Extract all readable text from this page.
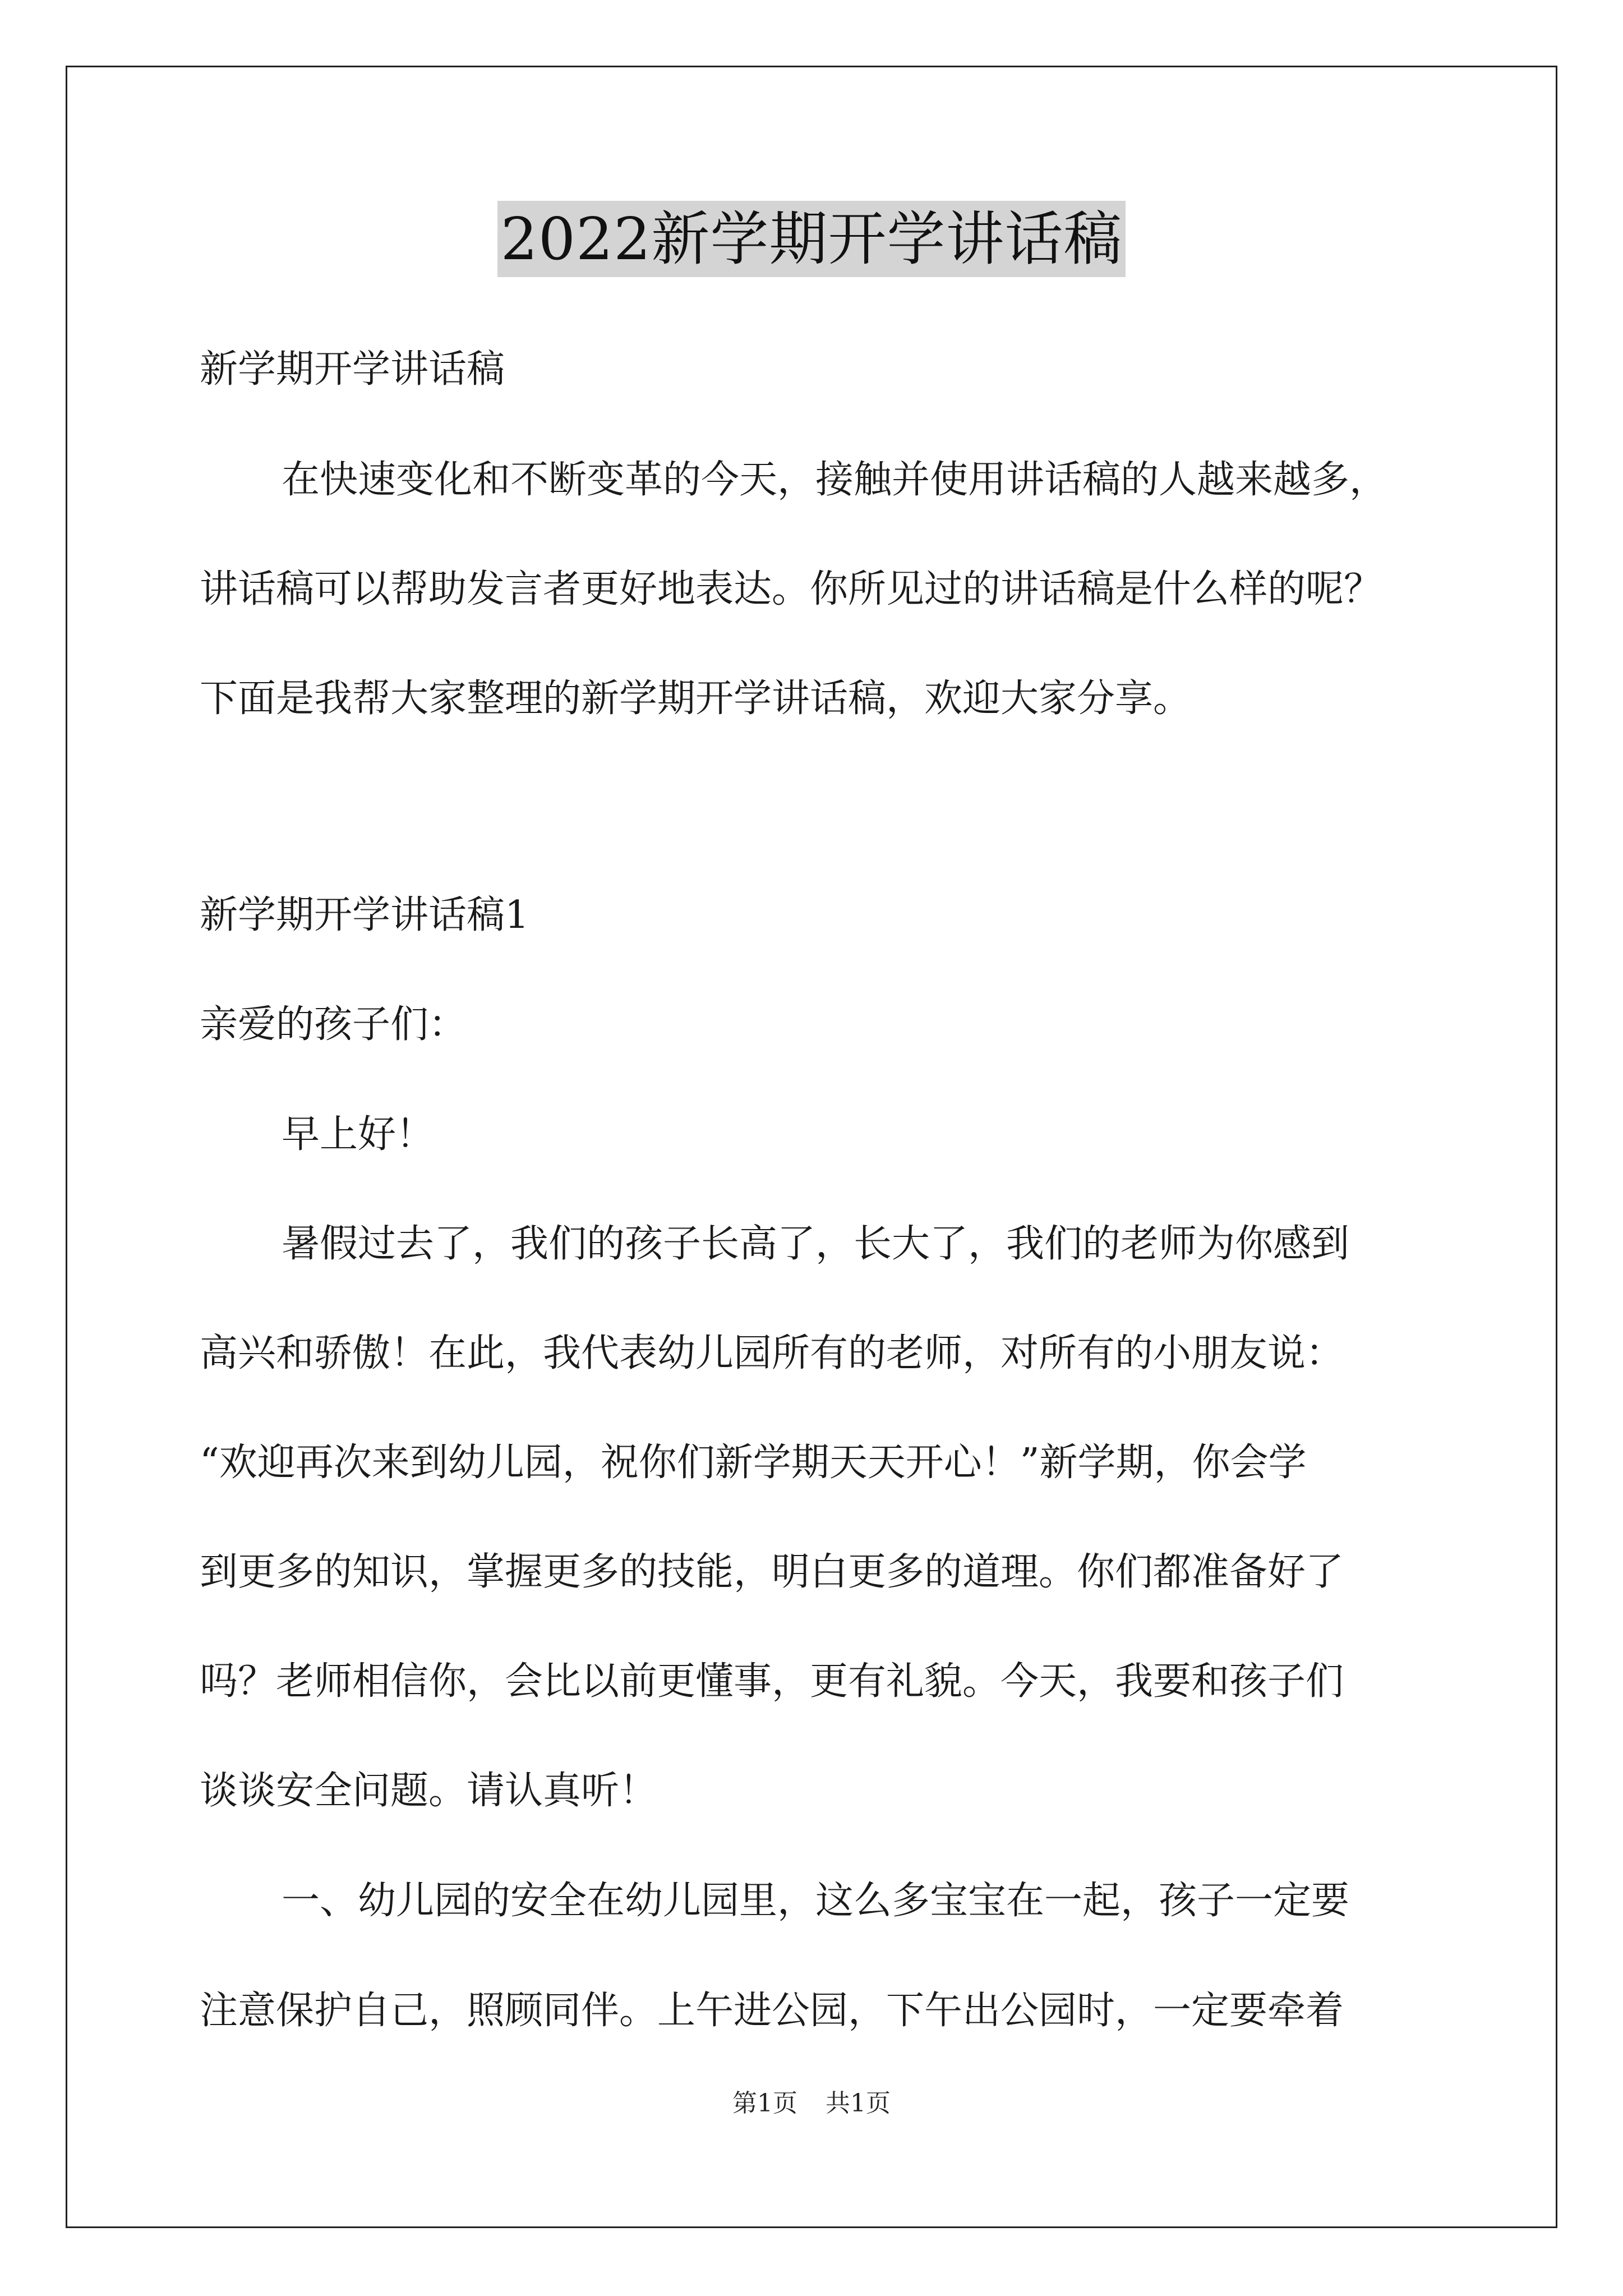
2022新学期开学讲话稿
新学期开学讲话稿
在快速变化和不断变革的今天，接触并使用讲话稿的人越来越多，
讲话稿可以帮助发言者更好地表达。你所见过的讲话稿是什么样的呢？
下面是我帮大家整理的新学期开学讲话稿，欢迎大家分享。
新学期开学讲话稿1
亲爱的孩子们：
早上好！
暑假过去了，我们的孩子长高了，长大了，我们的老师为你感到
高兴和骄傲！在此，我代表幼儿园所有的老师，对所有的小朋友说：
“欢迎再次来到幼儿园，祝你们新学期天天开心！”新学期，你会学
到更多的知识，掌握更多的技能，明白更多的道理。你们都准备好了
吗？老师相信你，会比以前更懂事，更有礼貌。今天，我要和孩子们
谈谈安全问题。请认真听！
一、幼儿园的安全在幼儿园里，这么多宝宝在一起，孩子一定要
注意保护自己，照顾同伴。上午进公园，下午出公园时，一定要牵着
第1页 共1页
